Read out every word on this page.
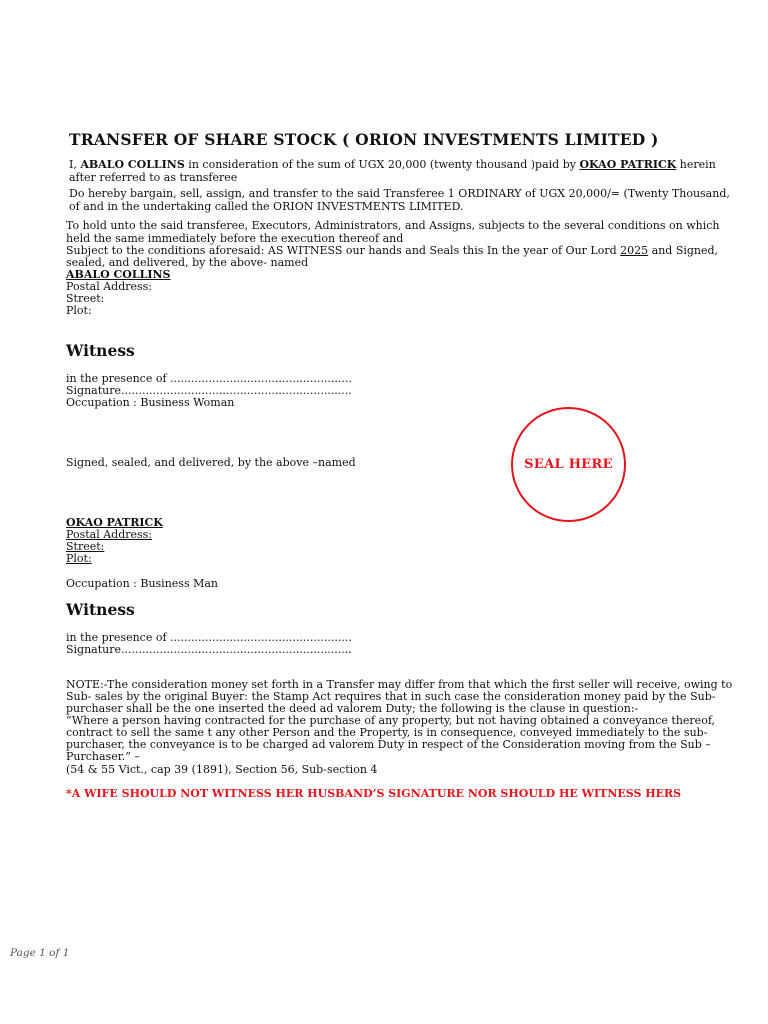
TRANSFER OF SHARE STOCK ( ORION INVESTMENTS LIMITED )
I, ABALO COLLINS in consideration of the sum of UGX 20,000 (twenty thousand )paid by OKAO PATRICK herein
after referred to as transferee
Do hereby bargain, sell, assign, and transfer to the said Transferee 1 ORDINARY of UGX 20,000/= (Twenty Thousand,
of and in the undertaking called the ORION INVESTMENTS LIMITED.
To hold unto the said transferee, Executors, Administrators, and Assigns, subjects to the several conditions on which
held the same immediately before the execution thereof and
Subject to the conditions aforesaid: AS WITNESS our hands and Seals this In the year of Our Lord 2025 and Signed,
sealed, and delivered, by the above- named
ABALO COLLINS
Postal Address:
Street:
Plot:
Witness
in the presence of ....................................................
Signature..................................................................
Occupation : Business Woman
Signed, sealed, and delivered, by the above –named	SEAL HERE
OKAO PATRICK
Postal Address:
Street:
Plot:
Occupation : Business Man
Witness
in the presence of ....................................................
Signature..................................................................
NOTE:-The consideration money set forth in a Transfer may differ from that which the first seller will receive, owing to
Sub- sales by the original Buyer: the Stamp Act requires that in such case the consideration money paid by the Sub-
purchaser shall be the one inserted the deed ad valorem Duty; the following is the clause in question:-
“Where a person having contracted for the purchase of any property, but not having obtained a conveyance thereof,
contract to sell the same t any other Person and the Property, is in consequence, conveyed immediately to the sub-
purchaser, the conveyance is to be charged ad valorem Duty in respect of the Consideration moving from the Sub –
Purchaser.” –
(54 & 55 Vict., cap 39 (1891), Section 56, Sub-section 4
*A WIFE SHOULD NOT WITNESS HER HUSBAND’S SIGNATURE NOR SHOULD HE WITNESS HERS
Page 1 of 1
